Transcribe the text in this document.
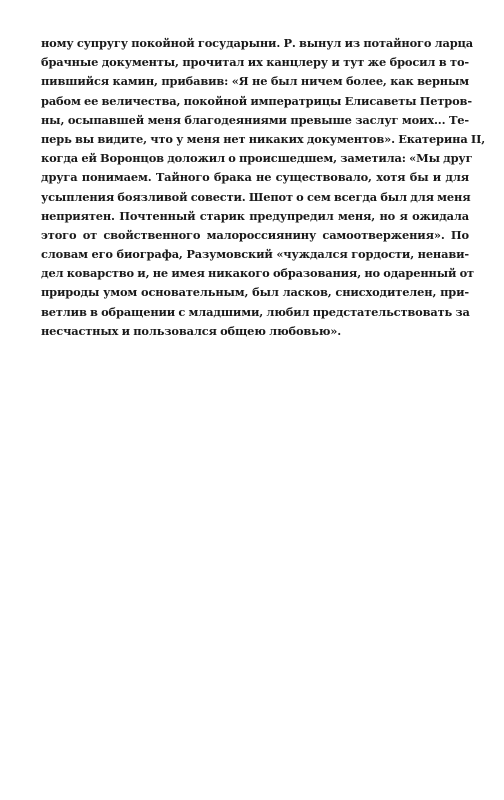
ному супругу покойной государыни. Р. вынул из потайного ларца
брачные документы, прочитал их канцлеру и тут же бросил в то-
пившийся камин, прибавив: «Я не был ничем более, как верным
рабом ее величества, покойной императрицы Елисаветы Петров-
ны, осыпавшей меня благодеяниями превыше заслуг моих... Те-
перь вы видите, что у меня нет никаких документов». Екатерина II,
когда ей Воронцов доложил о происшедшем, заметила: «Мы друг
друга понимаем. Тайного брака не существовало, хотя бы и для
усыпления боязливой совести. Шепот о сем всегда был для меня
неприятен. Почтенный старик предупредил меня, но я ожидала
этого от свойственного малороссиянину самоотвержения». По
словам его биографа, Разумовский «чуждался гордости, ненави-
дел коварство и, не имея никакого образования, но одаренный от
природы умом основательным, был ласков, снисходителен, при-
ветлив в обращении с младшими, любил предстательствовать за
несчастных и пользовался общею любовью».
